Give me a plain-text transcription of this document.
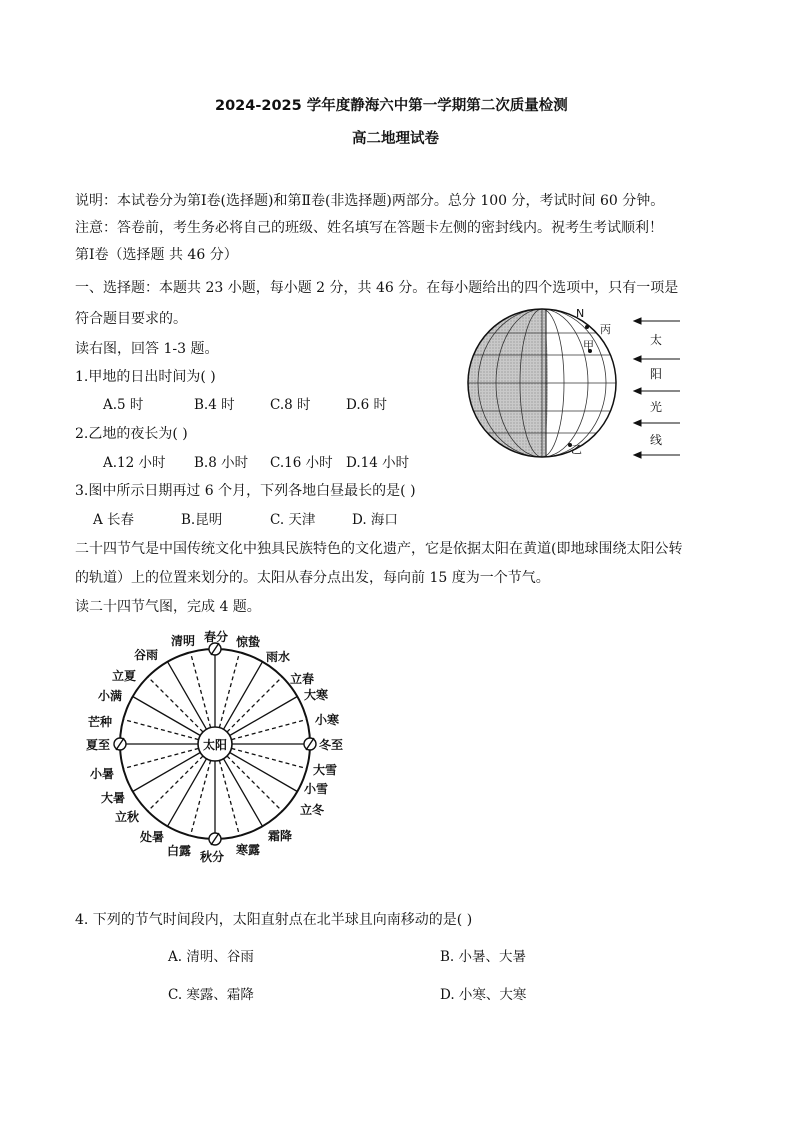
2024-2025 学年度静海六中第一学期第二次质量检测
高二地理试卷
说明：本试卷分为第Ⅰ卷(选择题)和第Ⅱ卷(非选择题)两部分。总分 100 分，考试时间 60 分钟。
注意：答卷前，考生务必将自己的班级、姓名填写在答题卡左侧的密封线内。祝考生考试顺利！
第Ⅰ卷（选择题 共 46 分）
一、选择题：本题共 23 小题，每小题 2 分，共 46 分。在每小题给出的四个选项中，只有一项是
符合题目要求的。
读右图，回答 1-3 题。
1.甲地的日出时间为( )
A.5 时	B.4 时	C.8 时	D.6 时
2.乙地的夜长为( )
A.12 小时 B.8 小时 C.16 小时 D.14 小时
3.图中所示日期再过 6 个月，下列各地白昼最长的是( )
A 长春	B.昆明	C. 天津	D. 海口
二十四节气是中国传统文化中独具民族特色的文化遗产，它是依据太阳在黄道(即地球围绕太阳公转
的轨道）上的位置来划分的。太阳从春分点出发，每向前 15 度为一个节气。
读二十四节气图，完成 4 题。
N
丙
甲
乙
太
阳
光
线
太阳
春分 惊蛰
雨水
立春
大寒
小寒
冬至
大雪
小雪
立冬
霜降
寒露
秋分
白露
处暑
立秋
大暑
小暑
夏至
芒种
小满
立夏
谷雨
清明
4. 下列的节气时间段内，太阳直射点在北半球且向南移动的是( )
A. 清明、谷雨	B. 小暑、大暑
C. 寒露、霜降	D. 小寒、大寒
